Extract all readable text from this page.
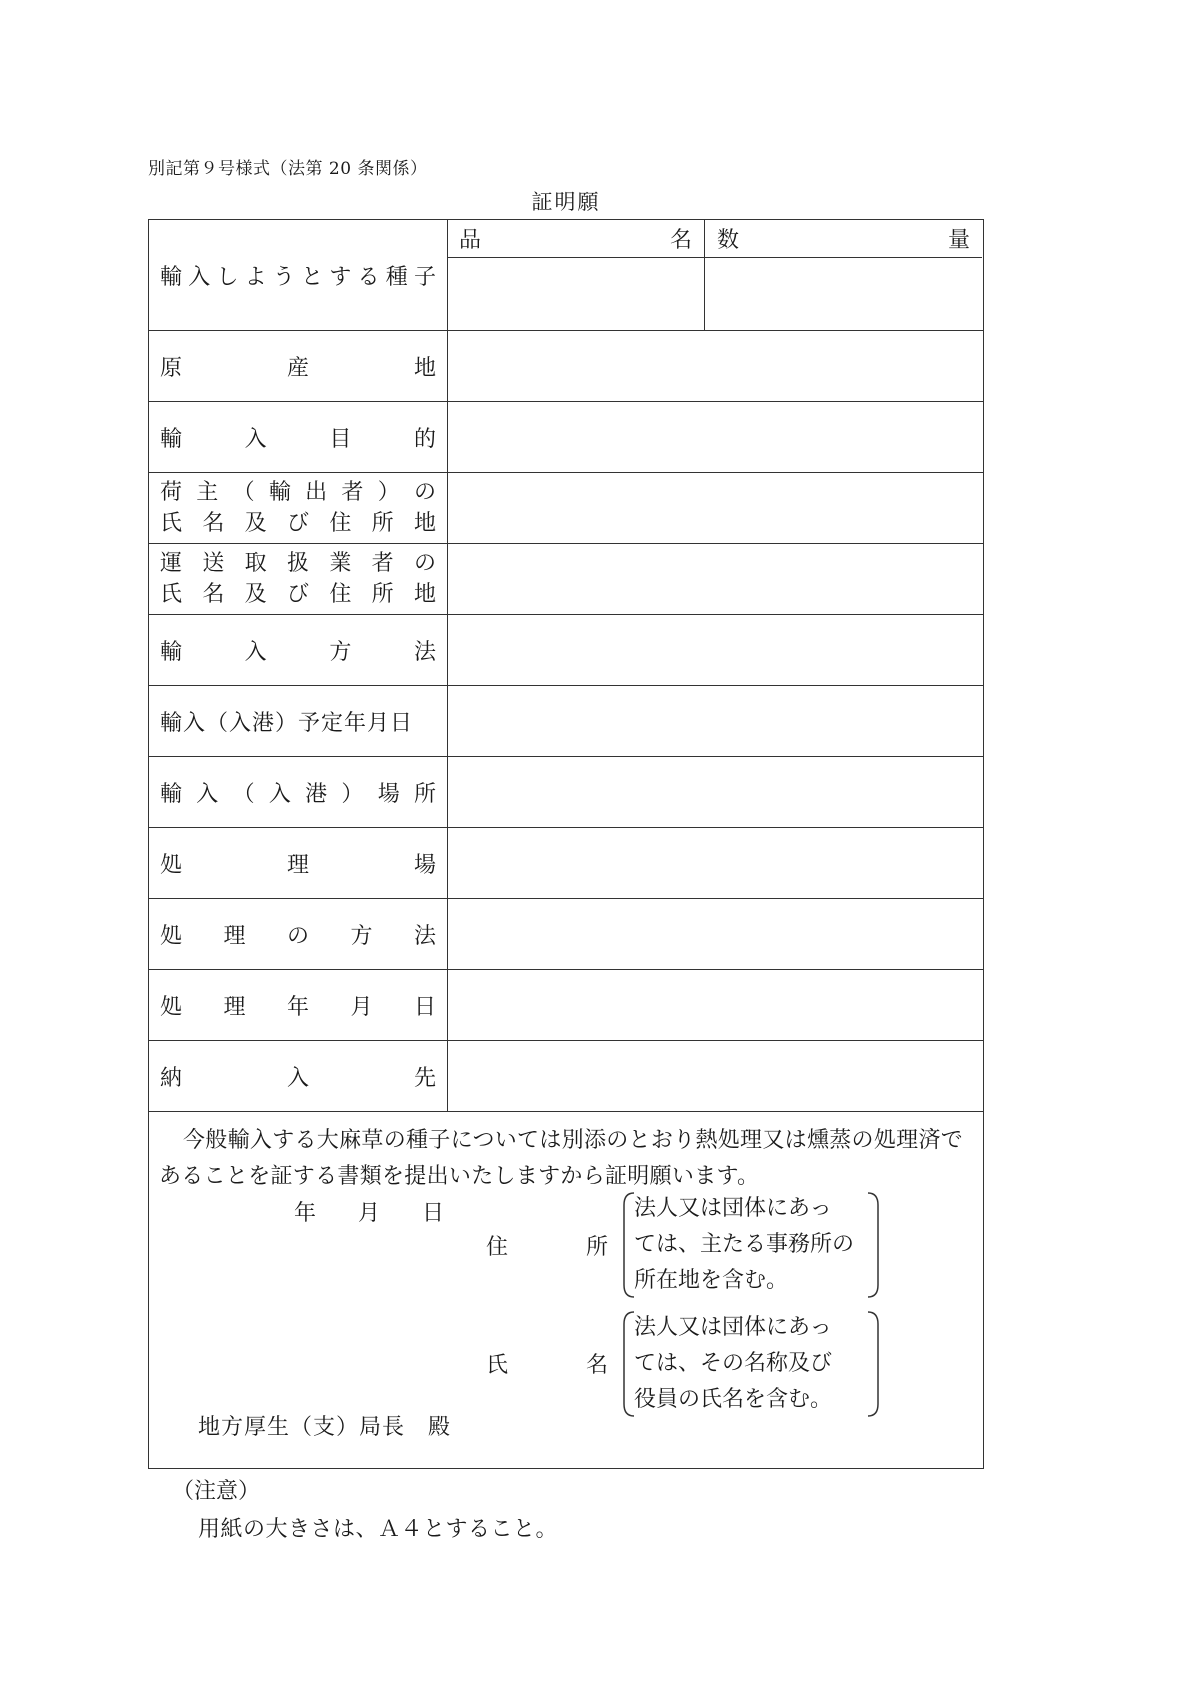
別記第９号様式（法第 20 条関係）
証明願
輸入しようとする種子
品名	数量
原産地
輸入目的
荷主（輸出者）の
氏名及び住所地
運送取扱業者の
氏名及び住所地
輸入方法
輸入（入港）予定年月日
輸入（入港）場所
処理場
処理の方法
処理年月日
納入先
今般輸入する大麻草の種子については別添のとおり熱処理又は燻蒸の処理済であることを証する書類を提出いたしますから証明願います。
年 月 日
住	所
法人又は団体にあっ
ては、主たる事務所の
所在地を含む。
氏	名
法人又は団体にあっ
ては、その名称及び
役員の氏名を含む。
地方厚生（支）局長　殿
（注意）
用紙の大きさは、Ａ４とすること。
